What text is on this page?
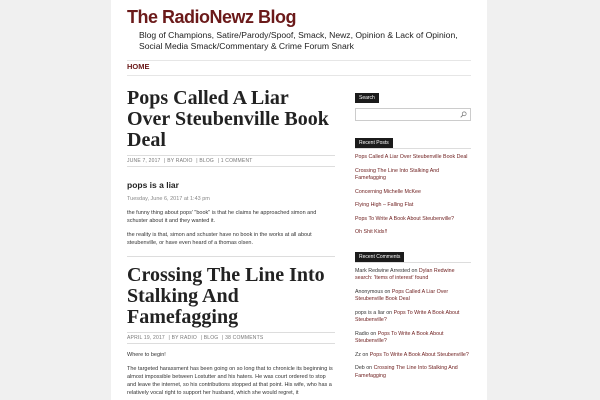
The RadioNewz Blog
Blog of Champions, Satire/Parody/Spoof, Smack, Newz, Opinion & Lack of Opinion, Social Media Smack/Commentary & Crime Forum Snark
HOME
Pops Called A Liar Over Steubenville Book Deal
JUNE 7, 2017 | BY RADIO | BLOG | 1 COMMENT
pops is a liar
Tuesday, June 6, 2017 at 1:43 pm

the funny thing about pops' "book" is that he claims he approached simon and schuster about it and they wanted it.

the reality is that, simon and schuster have no book in the works at all about steubenville, or have even heard of a thomas olsen.

Crossing The Line Into Stalking And Famefagging
APRIL 19, 2017 | BY RADIO | BLOG | 38 COMMENTS

Where to begin!

The targeted harassment has been going on so long that to chronicle its beginning is almost impossible between Lostutter and his haters. He was court ordered to stop and leave the internet, so his contributions stopped at that point. His wife, who has a relatively vocal right to support her husband, which she would regret, it

Search
Recent Posts
Pops Called A Liar Over Steubenville Book Deal
Crossing The Line Into Stalking And Famefagging
Concerning Michelle McKee
Flying High – Falling Flat
Pops To Write A Book About Steubenville?
Oh Shit Kids!!
Recent Comments
Mark Redwine Arrested on Dylan Redwine search: 'Items of interest' found
Anonymous on Pops Called A Liar Over Steubenville Book Deal
pops is a liar on Pops To Write A Book About Steubenville?
Radio on Pops To Write A Book About Steubenville?
Zz on Pops To Write A Book About Steubenville?
Deb on Crossing The Line Into Stalking And Famefagging
